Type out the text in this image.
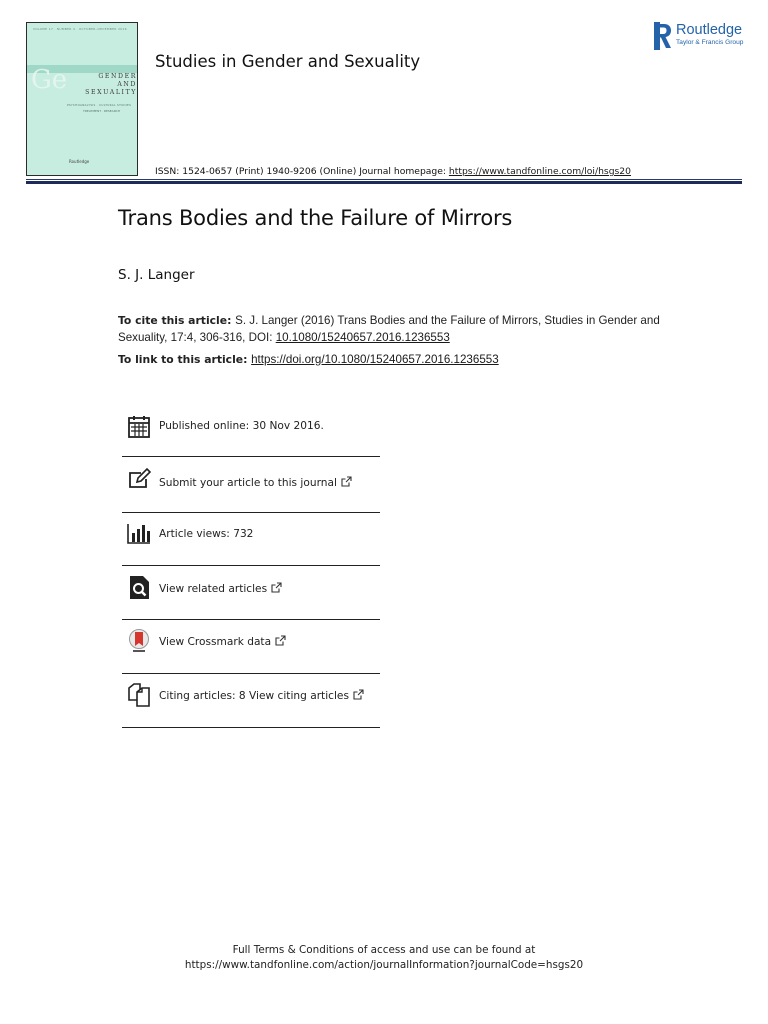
VOLUME 17 · NUMBER 4 · OCTOBER–DECEMBER 2016
Ge	GENDER
AND
SEXUALITY
PSYCHOANALYSIS · CULTURAL STUDIES
TREATMENT · RESEARCH
Routledge
Studies in Gender and Sexuality
Routledge
Taylor & Francis Group
ISSN: 1524-0657 (Print) 1940-9206 (Online) Journal homepage: https://www.tandfonline.com/loi/hsgs20
Trans Bodies and the Failure of Mirrors
S. J. Langer
To cite this article: S. J. Langer (2016) Trans Bodies and the Failure of Mirrors, Studies in Gender and Sexuality, 17:4, 306-316, DOI: 10.1080/15240657.2016.1236553
To link to this article: https://doi.org/10.1080/15240657.2016.1236553
Published online: 30 Nov 2016.
Submit your article to this journal
Article views: 732
View related articles
View Crossmark data
Citing articles: 8 View citing articles
Full Terms & Conditions of access and use can be found at
https://www.tandfonline.com/action/journalInformation?journalCode=hsgs20
